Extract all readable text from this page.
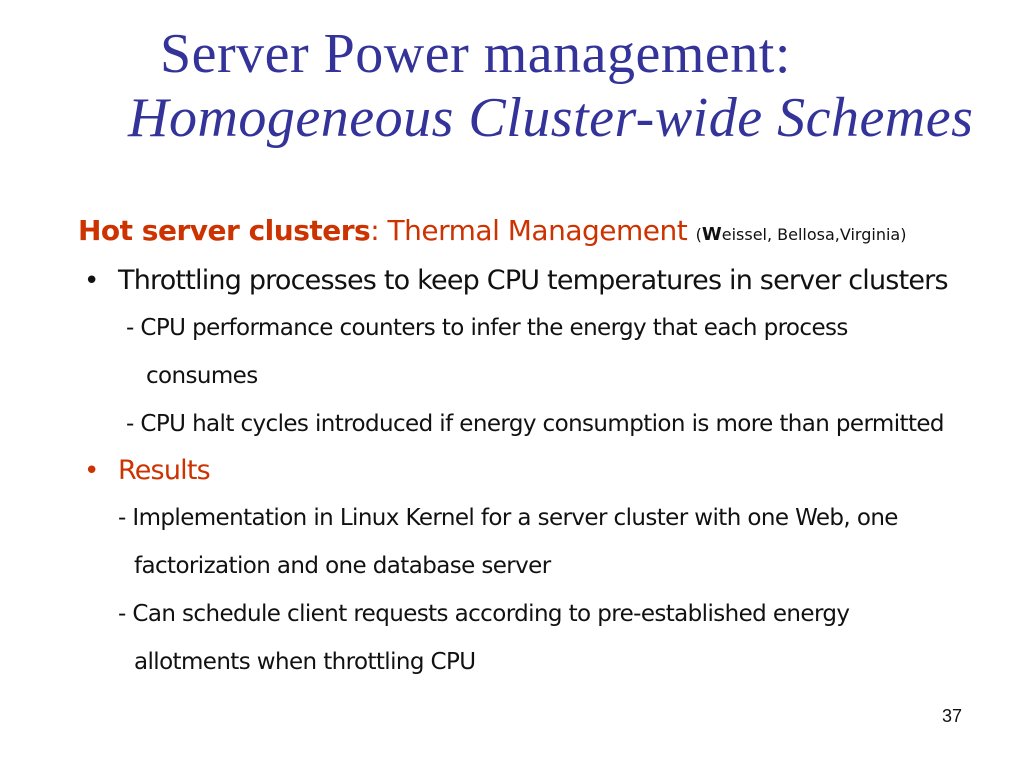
Server Power management:
Homogeneous Cluster-wide Schemes
Hot server clusters: Thermal Management (Weissel, Bellosa,Virginia)
• Throttling processes to keep CPU temperatures in server clusters
- CPU performance counters to infer the energy that each process
consumes
- CPU halt cycles introduced if energy consumption is more than permitted
• Results
- Implementation in Linux Kernel for a server cluster with one Web, one
factorization and one database server
- Can schedule client requests according to pre-established energy
allotments when throttling CPU
37
